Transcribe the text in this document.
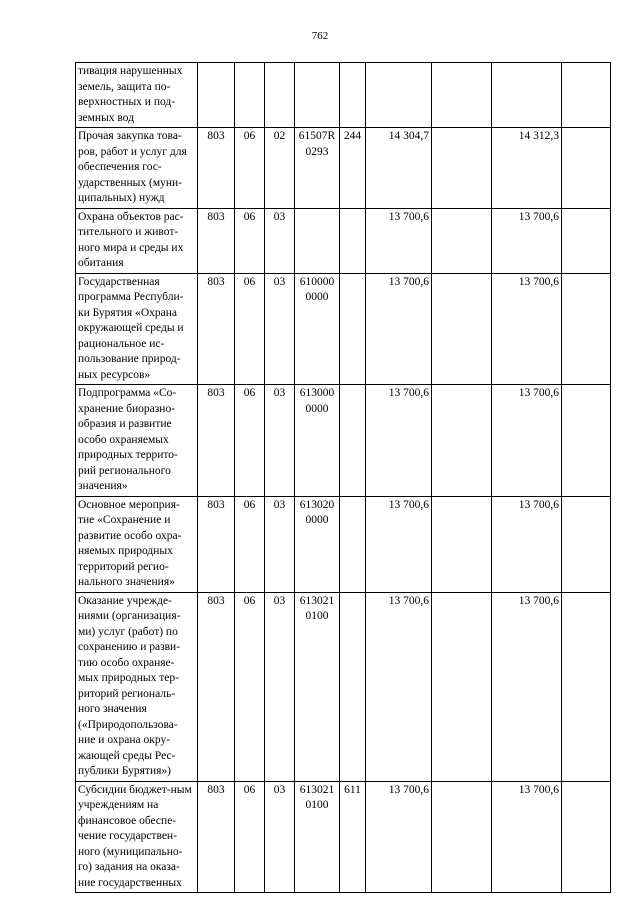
762
тивация нарушенных земель, защита по-верхностных и под-земных вод									
Прочая закупка това-ров, работ и услуг для обеспечения гос-ударственных (муни-ципальных) нужд	803	06	02	61507R 0293	244	14 304,7		14 312,3	
Охрана объектов рас-тительного и живот-ного мира и среды их обитания	803	06	03			13 700,6		13 700,6	
Государственная программа Республи-ки Бурятия «Охрана окружающей среды и рациональное ис-пользование природ-ных ресурсов»	803	06	03	610000 0000		13 700,6		13 700,6	
Подпрограмма «Со-хранение биоразно-образия и развитие особо охраняемых природных террито-рий регионального значения»	803	06	03	613000 0000		13 700,6		13 700,6	
Основное мероприя-тие «Сохранение и развитие особо охра-няемых природных территорий регио-нального значения»	803	06	03	613020 0000		13 700,6		13 700,6	
Оказание учрежде-ниями (организация-ми) услуг (работ) по сохранению и разви-тию особо охраняе-мых природных тер-риторий региональ-ного значения («Природопользова-ние и охрана окру-жающей среды Рес-публики Бурятия»)	803	06	03	613021 0100		13 700,6		13 700,6	
Субсидии бюджет-ным учреждениям на финансовое обеспе-чение государствен-ного (муниципально-го) задания на оказа-ние государственных	803	06	03	613021 0100	611	13 700,6		13 700,6	
